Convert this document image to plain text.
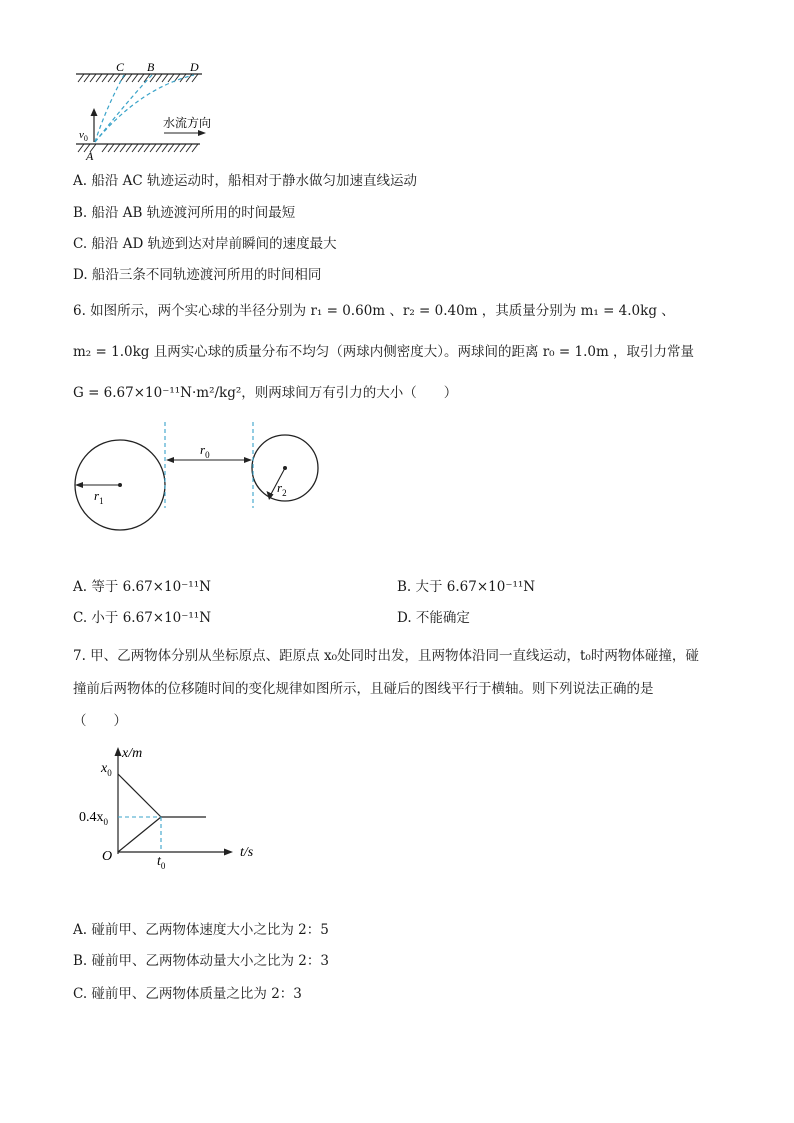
C B	D
A
$v_0$
水流方向
A. 船沿 AC 轨迹运动时，船相对于静水做匀加速直线运动
B. 船沿 AB 轨迹渡河所用的时间最短
C. 船沿 AD 轨迹到达对岸前瞬间的速度最大
D. 船沿三条不同轨迹渡河所用的时间相同
6. 如图所示，两个实心球的半径分别为 r₁ = 0.60m 、r₂ = 0.40m ，其质量分别为 m₁ = 4.0kg 、
m₂ = 1.0kg 且两实心球的质量分布不均匀（两球内侧密度大）。两球间的距离 r₀ = 1.0m ，取引力常量
G = 6.67×10⁻¹¹N·m²/kg²，则两球间万有引力的大小（　　）
$r_1$
$r_2$
$r_0$
A. 等于 6.67×10⁻¹¹N	B. 大于 6.67×10⁻¹¹N
C. 小于 6.67×10⁻¹¹N	D. 不能确定
7. 甲、乙两物体分别从坐标原点、距原点 x₀处同时出发，且两物体沿同一直线运动，t₀时两物体碰撞，碰
撞前后两物体的位移随时间的变化规律如图所示，且碰后的图线平行于横轴。则下列说法正确的是
（　　）
x/m
t/s
O
$x_0$
$0.4x_0$
$t_0$
A. 碰前甲、乙两物体速度大小之比为 2：5
B. 碰前甲、乙两物体动量大小之比为 2：3
C. 碰前甲、乙两物体质量之比为 2：3
